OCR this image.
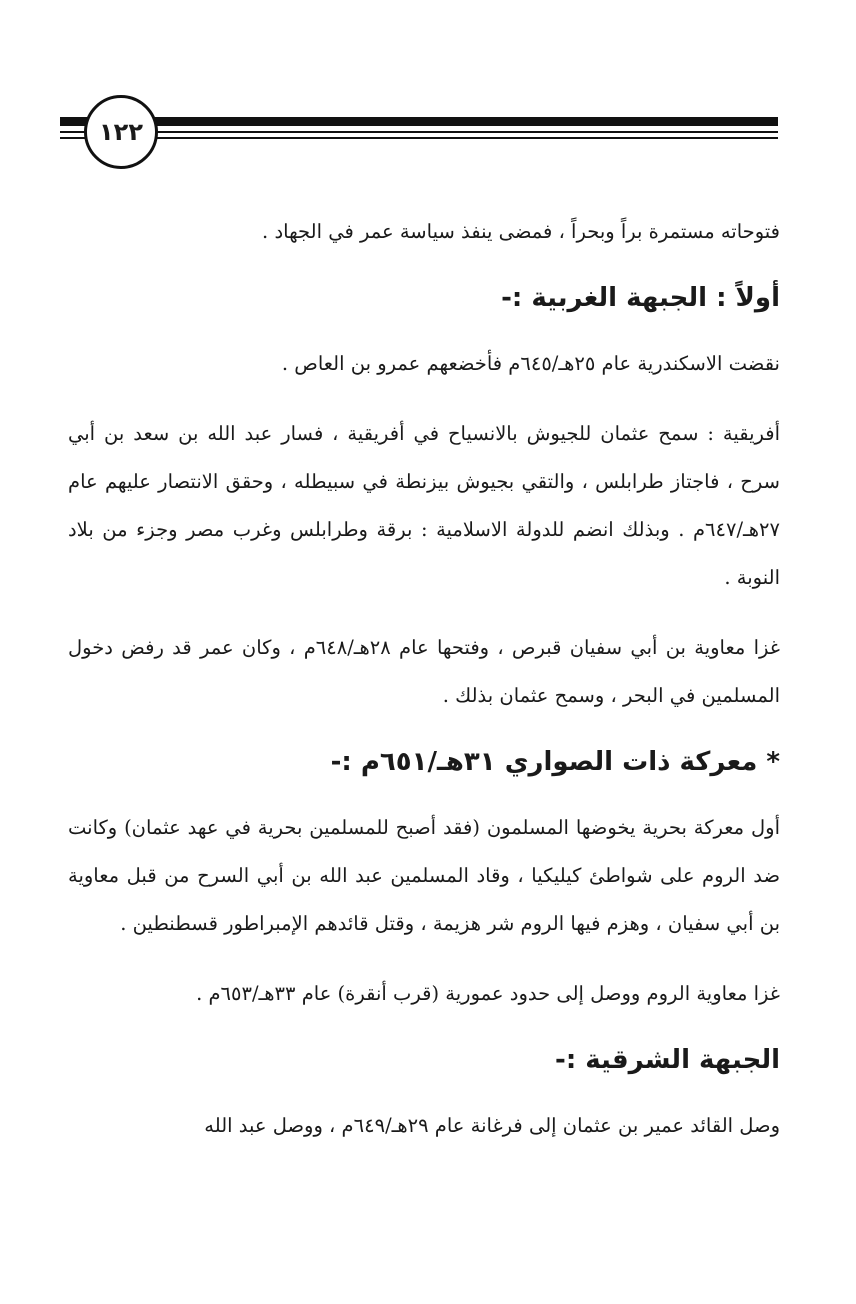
١٢٢

فتوحاته مستمرة براً وبحراً ، فمضى ينفذ سياسة عمر في الجهاد .

أولاً : الجبهة الغربية :-

نقضت الاسكندرية عام ٢٥هـ/٦٤٥م فأخضعهم عمرو بن العاص .

أفريقية : سمح عثمان للجيوش بالانسياح في أفريقية ، فسار عبد الله بن سعد بن أبي سرح ، فاجتاز طرابلس ، والتقي بجيوش بيزنطة في سبيطله ، وحقق الانتصار عليهم عام ٢٧هـ/٦٤٧م . وبذلك انضم للدولة الاسلامية : برقة وطرابلس وغرب مصر وجزء من بلاد النوبة .

غزا معاوية بن أبي سفيان قبرص ، وفتحها عام ٢٨هـ/٦٤٨م ، وكان عمر قد رفض دخول المسلمين في البحر ، وسمح عثمان بذلك .

* معركة ذات الصواري ٣١هـ/٦٥١م :-

أول معركة بحرية يخوضها المسلمون (فقد أصبح للمسلمين بحرية في عهد عثمان) وكانت ضد الروم على شواطئ كيليكيا ، وقاد المسلمين عبد الله بن أبي السرح من قبل معاوية بن أبي سفيان ، وهزم فيها الروم شر هزيمة ، وقتل قائدهم الإمبراطور قسطنطين .

غزا معاوية الروم ووصل إلى حدود عمورية (قرب أنقرة) عام ٣٣هـ/٦٥٣م .

الجبهة الشرقية :-

وصل القائد عمير بن عثمان إلى فرغانة عام ٢٩هـ/٦٤٩م ، ووصل عبد الله
